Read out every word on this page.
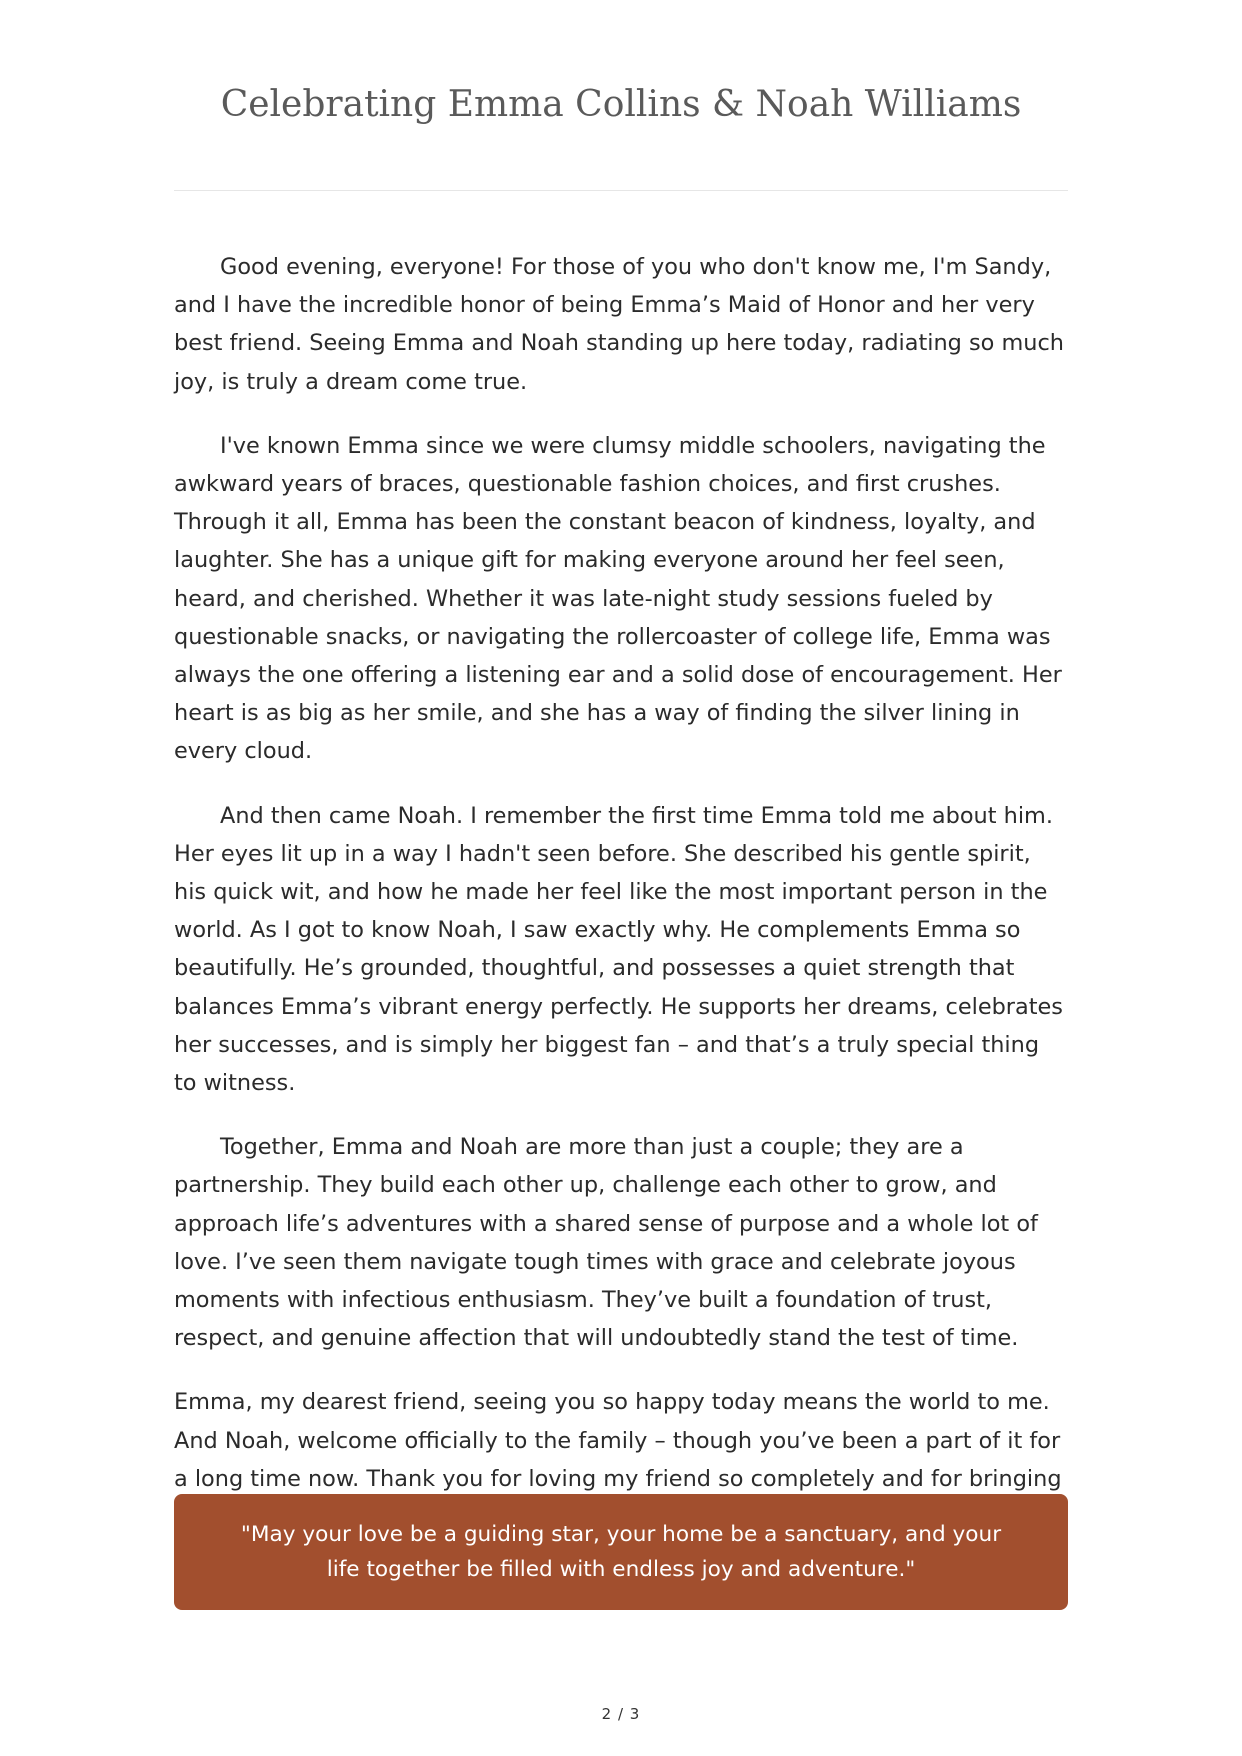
Celebrating Emma Collins & Noah Williams

Good evening, everyone! For those of you who don't know me, I'm Sandy, and I have the incredible honor of being Emma’s Maid of Honor and her very best friend. Seeing Emma and Noah standing up here today, radiating so much joy, is truly a dream come true.

I've known Emma since we were clumsy middle schoolers, navigating the awkward years of braces, questionable fashion choices, and first crushes. Through it all, Emma has been the constant beacon of kindness, loyalty, and laughter. She has a unique gift for making everyone around her feel seen, heard, and cherished. Whether it was late-night study sessions fueled by questionable snacks, or navigating the rollercoaster of college life, Emma was always the one offering a listening ear and a solid dose of encouragement. Her heart is as big as her smile, and she has a way of finding the silver lining in every cloud.

And then came Noah. I remember the first time Emma told me about him. Her eyes lit up in a way I hadn't seen before. She described his gentle spirit, his quick wit, and how he made her feel like the most important person in the world. As I got to know Noah, I saw exactly why. He complements Emma so beautifully. He’s grounded, thoughtful, and possesses a quiet strength that balances Emma’s vibrant energy perfectly. He supports her dreams, celebrates her successes, and is simply her biggest fan – and that’s a truly special thing to witness.

Together, Emma and Noah are more than just a couple; they are a partnership. They build each other up, challenge each other to grow, and approach life’s adventures with a shared sense of purpose and a whole lot of love. I’ve seen them navigate tough times with grace and celebrate joyous moments with infectious enthusiasm. They’ve built a foundation of trust, respect, and genuine affection that will undoubtedly stand the test of time.

Emma, my dearest friend, seeing you so happy today means the world to me. And Noah, welcome officially to the family – though you’ve been a part of it for a long time now. Thank you for loving my friend so completely and for bringing

"May your love be a guiding star, your home be a sanctuary, and your life together be filled with endless joy and adventure."

2 / 3
